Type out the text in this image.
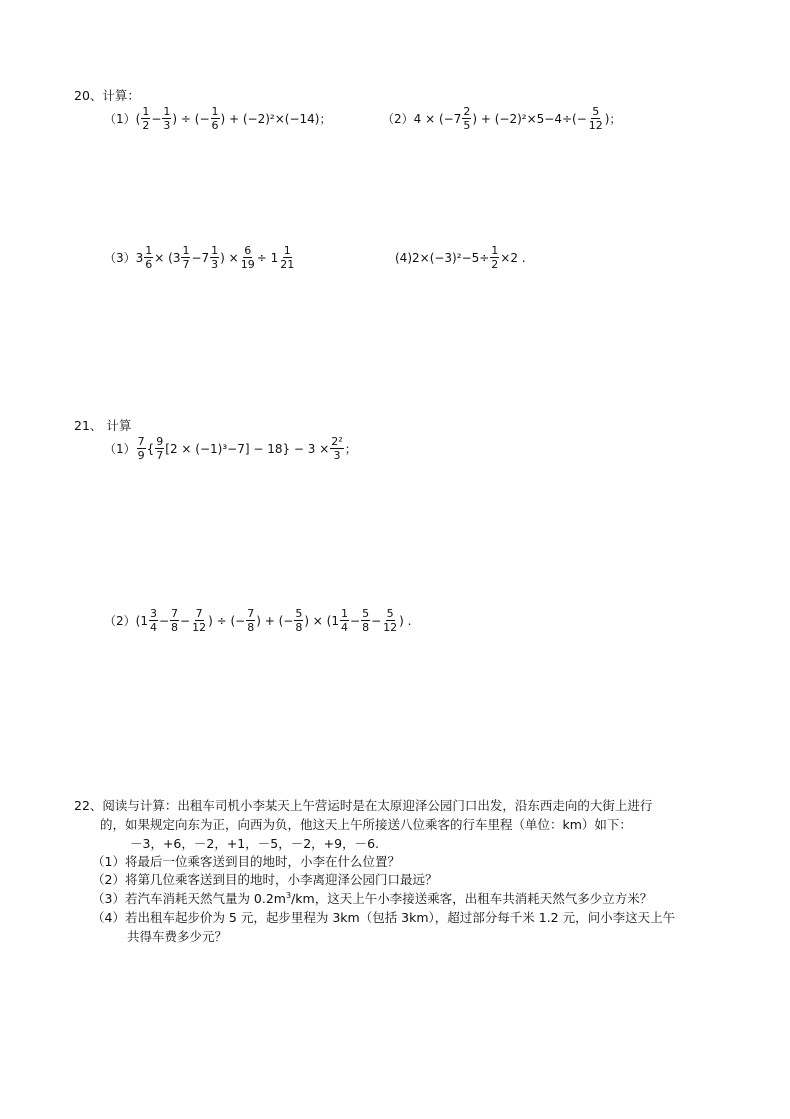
20、计算：
（1） ( $\frac{1}{2} - \frac{1}{3}$ ) ÷ (− $\frac{1}{6}$ ) + (−2)²×(−14)；	（2） $4 \times (-7 \frac{2}{5}$ ) + $(-2)^2\times 5-4\div(- \frac{5}{12}$ )；
（3） $3 \frac{1}{6} \times (3 \frac{1}{7} -7 \frac{1}{3}$ ) × $\frac{6}{19} \div 1 \frac{1}{21}$	$(4)2\times(-3)^2-5\div \frac{1}{2} \times 2$ .
21、 计算
$(1) \frac{7}{9}$ { $\frac{9}{7} [2 \times (-1)^3-7] - 18\} - 3 \times \frac{\text{2²}}{3}$ ；
（2） ($1 \frac{3}{4} - \frac{7}{8} - \frac{7}{12}$ ) ÷ (− $\frac{7}{8}$ ) + (− $\frac{5}{8}$ ) × ($1 \frac{1}{4} - \frac{5}{8} - \frac{5}{12}$ ) .
22、阅读与计算：出租车司机小李某天上午营运时是在太原迎泽公园门口出发，沿东西走向的大街上进行
的，如果规定向东为正，向西为负，他这天上午所接送八位乘客的行车里程（单位：km）如下：
－3，+6，－2，+1，－5，－2，+9，－6.
（1）将最后一位乘客送到目的地时，小李在什么位置？
（2）将第几位乘客送到目的地时，小李离迎泽公园门口最远？
（3）若汽车消耗天然气量为 $0.2m^3/km$，这天上午小李接送乘客，出租车共消耗天然气多少立方米？
（4）若出租车起步价为 5 元，起步里程为 3km（包括 3km），超过部分每千米 1.2 元，问小李这天上午
共得车费多少元？
